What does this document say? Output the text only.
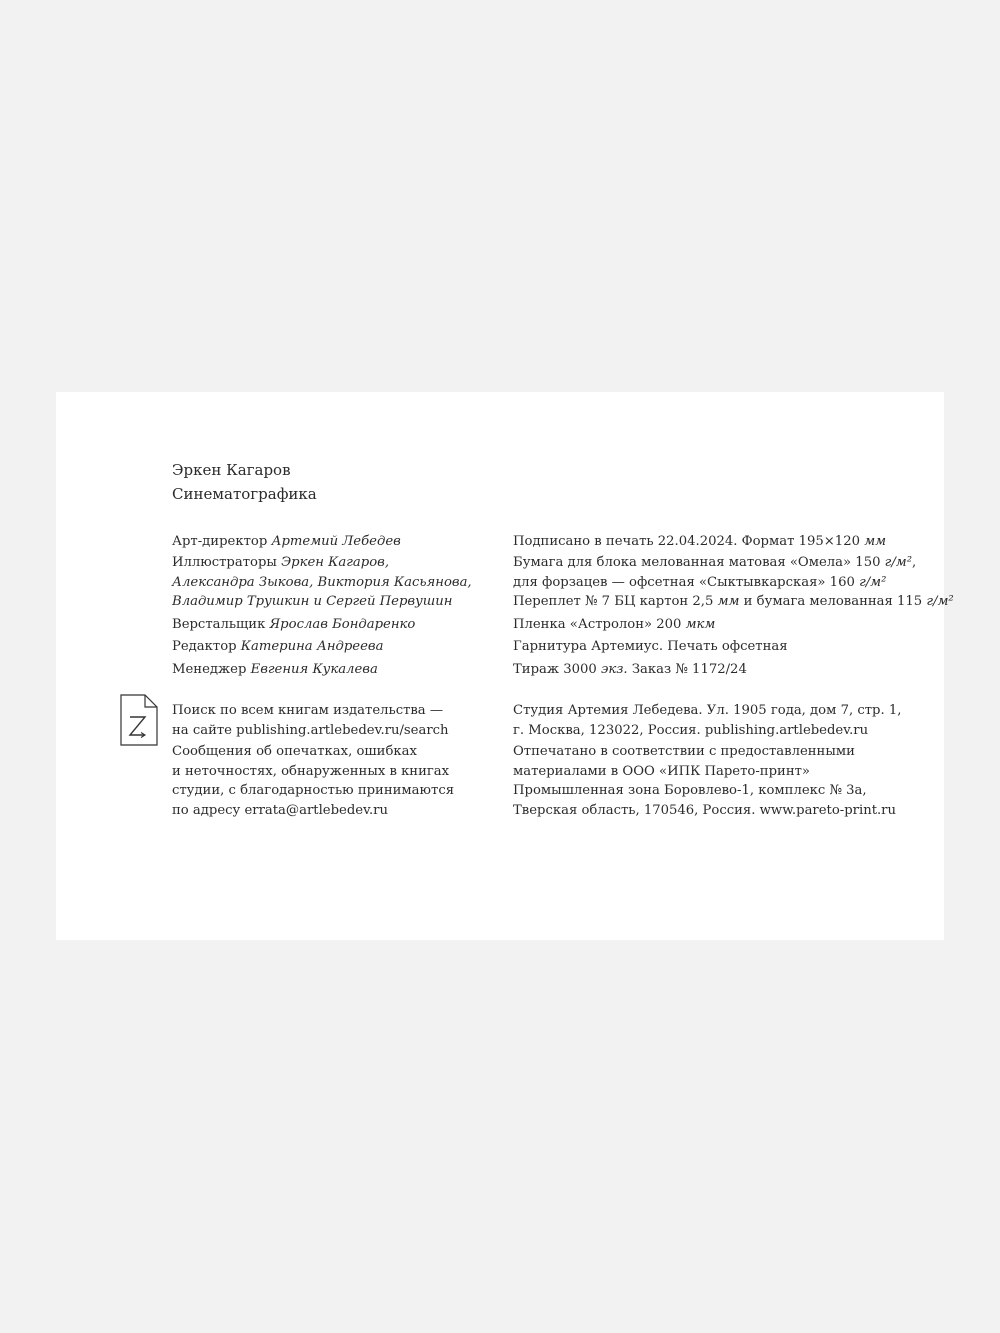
Эркен Кагаров
Синематографика
Арт-директор Артемий Лебедев
Иллюстраторы Эркен Кагаров,
Александра Зыкова, Виктория Касьянова,
Владимир Трушкин и Сергей Первушин
Верстальщик Ярослав Бондаренко
Редактор Катерина Андреева
Менеджер Евгения Кукалева
Подписано в печать 22.04.2024. Формат 195×120 мм
Бумага для блока мелованная матовая «Омела» 150 г/м²,
для форзацев — офсетная «Сыктывкарская» 160 г/м²
Переплет № 7 БЦ картон 2,5 мм и бумага мелованная 115 г/м²
Пленка «Астролон» 200 мкм
Гарнитура Артемиус. Печать офсетная
Тираж 3000 экз. Заказ № 1172/24
Поиск по всем книгам издательства —
на сайте publishing.artlebedev.ru/search
Сообщения об опечатках, ошибках
и неточностях, обнаруженных в книгах
студии, с благодарностью принимаются
по адресу errata@artlebedev.ru
Студия Артемия Лебедева. Ул. 1905 года, дом 7, стр. 1,
г. Москва, 123022, Россия. publishing.artlebedev.ru
Отпечатано в соответствии с предоставленными
материалами в ООО «ИПК Парето-принт»
Промышленная зона Боровлево-1, комплекс № 3а,
Тверская область, 170546, Россия. www.pareto-print.ru
